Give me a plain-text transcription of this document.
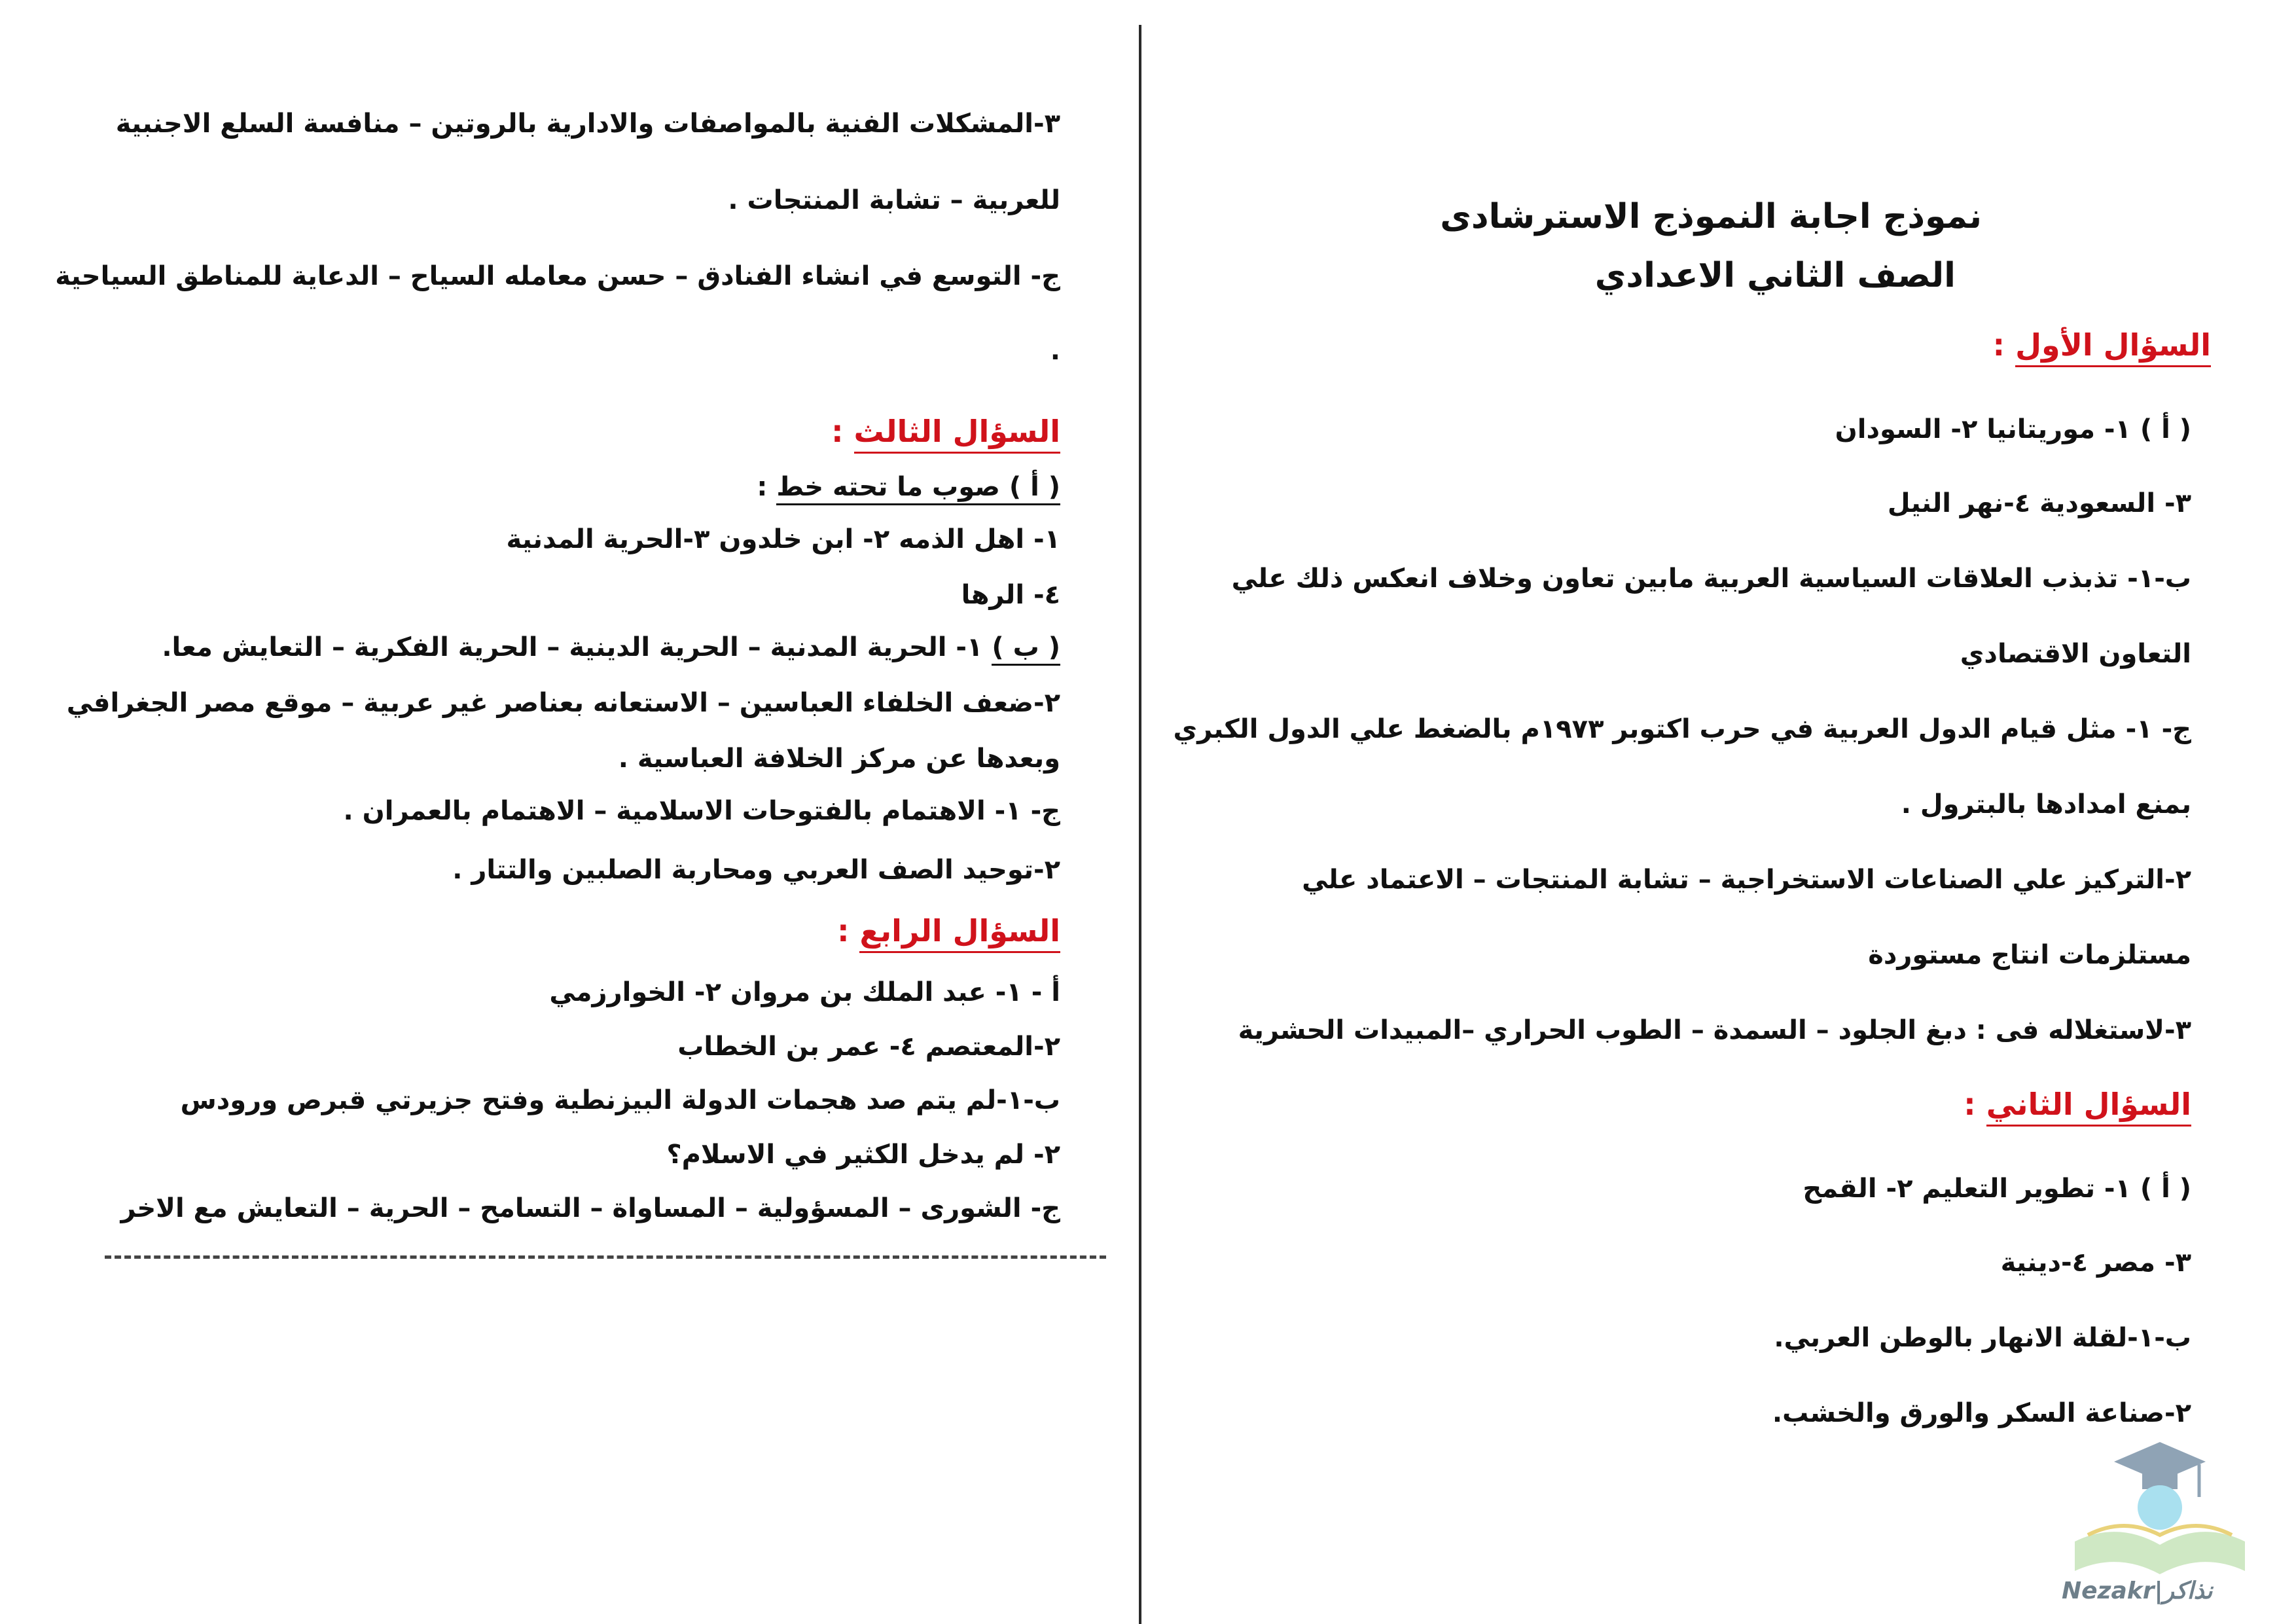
نموذج اجابة النموذج الاسترشادى
الصف الثاني الاعدادي
السؤال الأول :
( أ ) ١- موريتانيا ٢- السودان
٣- السعودية ٤-نهر النيل
ب-١- تذبذب العلاقات السياسية العربية مابين تعاون وخلاف انعكس ذلك علي
التعاون الاقتصادي
ج- ١- مثل قيام الدول العربية في حرب اكتوبر ١٩٧٣م بالضغط علي الدول الكبري
بمنع امدادها بالبترول .
٢-التركيز علي الصناعات الاستخراجية – تشابة المنتجات – الاعتماد علي
مستلزمات انتاج مستوردة
٣-لاستغلاله فى : دبغ الجلود – السمدة – الطوب الحراري –المبيدات الحشرية
السؤال الثاني :
( أ ) ١- تطوير التعليم ٢- القمح
٣- مصر ٤-دينية
ب-١-لقلة الانهار بالوطن العربي.
٢-صناعة السكر والورق والخشب.
٣-المشكلات الفنية بالمواصفات والادارية بالروتين – منافسة السلع الاجنبية
للعربية – تشابة المنتجات .
ج- التوسع في انشاء الفنادق – حسن معامله السياح – الدعاية للمناطق السياحية
.
السؤال الثالث :
( أ ) صوب ما تحته خط :
١- اهل الذمه ٢- ابن خلدون ٣-الحرية المدنية
٤- الرها
( ب ) ١- الحرية المدنية – الحرية الدينية – الحرية الفكرية – التعايش معا.
٢-ضعف الخلفاء العباسين – الاستعانه بعناصر غير عربية – موقع مصر الجغرافي
وبعدها عن مركز الخلافة العباسية .
ج- ١- الاهتمام بالفتوحات الاسلامية – الاهتمام بالعمران .
٢-توحيد الصف العربي ومحاربة الصلبين والتتار .
السؤال الرابع :
أ - ١- عبد الملك بن مروان ٢- الخوارزمي
٢-المعتصم ٤- عمر بن الخطاب
ب-١-لم يتم صد هجمات الدولة البيزنطية وفتح جزيرتي قبرص ورودس
٢- لم يدخل الكثير في الاسلام؟
ج- الشورى – المسؤولية – المساواة – التسامح – الحرية – التعايش مع الاخر
Nezakr|نذاكر
